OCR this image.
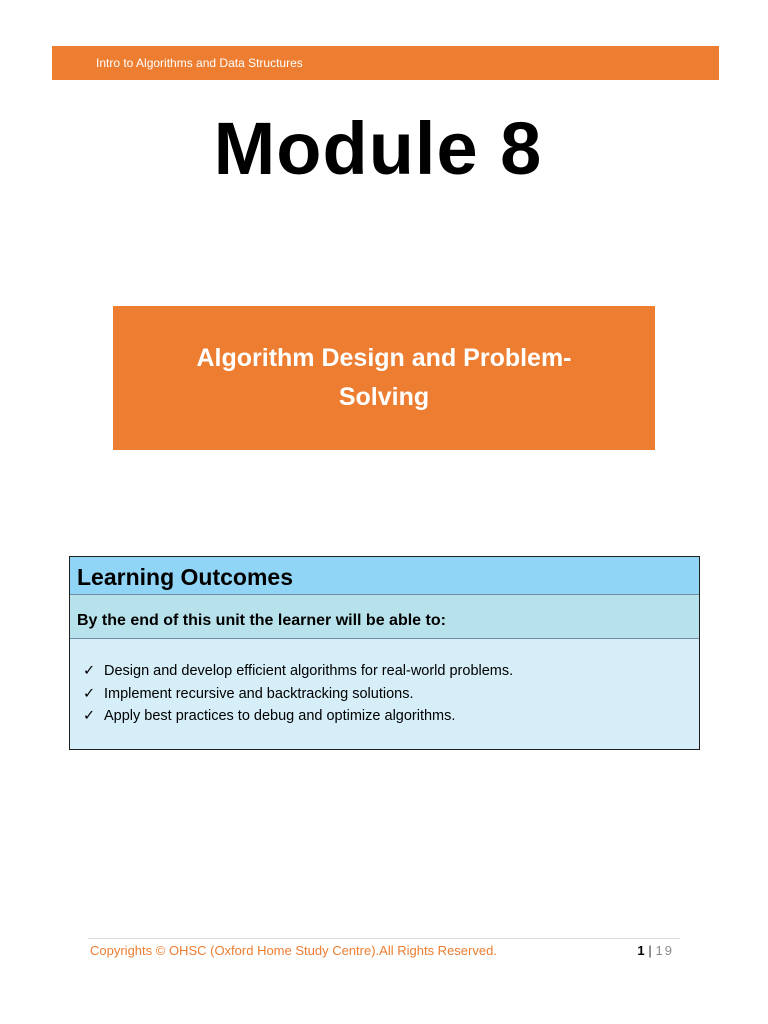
Intro to Algorithms and Data Structures
Module 8
Algorithm Design and Problem-Solving
Learning Outcomes
By the end of this unit the learner will be able to:
✓ Design and develop efficient algorithms for real-world problems.
✓ Implement recursive and backtracking solutions.
✓ Apply best practices to debug and optimize algorithms.
Copyrights © OHSC (Oxford Home Study Centre).All Rights Reserved.	1 | 19
